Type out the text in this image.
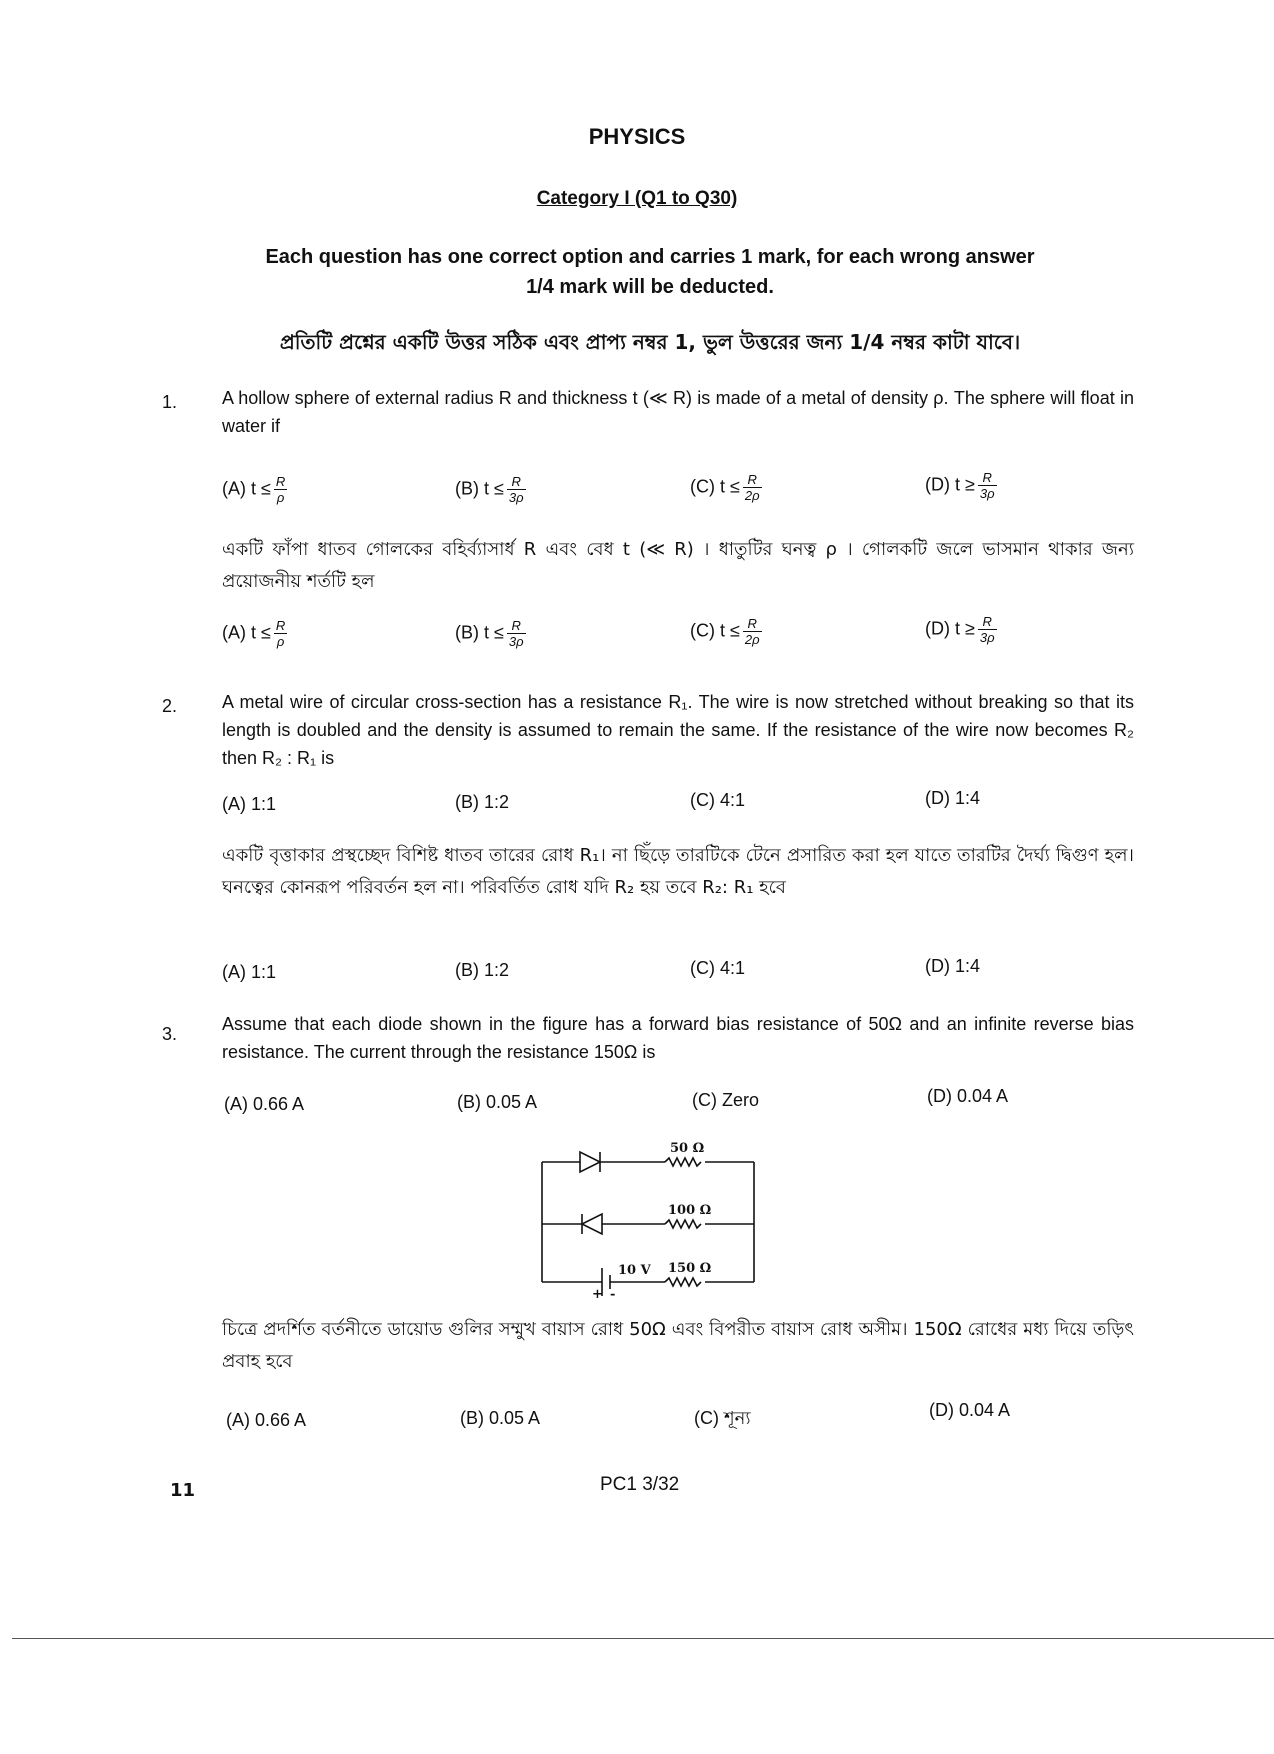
PHYSICS
Category I (Q1 to Q30)
Each question has one correct option and carries 1 mark, for each wrong answer
1/4 mark will be deducted.
প্রতিটি প্রশ্নের একটি উত্তর সঠিক এবং প্রাপ্য নম্বর 1, ভুল উত্তরের জন্য 1/4 নম্বর কাটা যাবে।
1. A hollow sphere of external radius R and thickness t (≪ R) is made of a metal of density ρ. The sphere will float in water if
(A) $t \le \frac{R}{\rho}$	(B) $t \le \frac{R}{3\rho}$	(C) $t \le \frac{R}{2\rho}$	(D) $t \ge \frac{R}{3\rho}$
একটি ফাঁপা ধাতব গোলকের বহির্ব্যাসার্ধ R এবং বেধ t (≪ R) । ধাতুটির ঘনত্ব ρ । গোলকটি জলে ভাসমান থাকার জন্য প্রয়োজনীয় শর্তটি হল
(A) $t \le \frac{R}{\rho}$	(B) $t \le \frac{R}{3\rho}$	(C) $t \le \frac{R}{2\rho}$	(D) $t \ge \frac{R}{3\rho}$
2. A metal wire of circular cross-section has a resistance R₁. The wire is now stretched without breaking so that its length is doubled and the density is assumed to remain the same. If the resistance of the wire now becomes R₂ then R₂ : R₁ is
(A) 1:1	(B) 1:2	(C) 4:1	(D) 1:4
একটি বৃত্তাকার প্রস্থচ্ছেদ বিশিষ্ট ধাতব তারের রোধ R₁। না ছিঁড়ে তারটিকে টেনে প্রসারিত করা হল যাতে তারটির দৈর্ঘ্য দ্বিগুণ হল। ঘনত্বের কোনরূপ পরিবর্তন হল না। পরিবর্তিত রোধ যদি R₂ হয় তবে R₂: R₁ হবে
(A) 1:1	(B) 1:2	(C) 4:1	(D) 1:4
3. Assume that each diode shown in the figure has a forward bias resistance of 50Ω and an infinite reverse bias resistance. The current through the resistance 150Ω is
(A) 0.66 A	(B) 0.05 A	(C) Zero	(D) 0.04 A
50 Ω
100 Ω
150 Ω
10 V
+ -
চিত্রে প্রদর্শিত বর্তনীতে ডায়োড গুলির সম্মুখ বায়াস রোধ 50Ω এবং বিপরীত বায়াস রোধ অসীম। 150Ω রোধের মধ্য দিয়ে তড়িৎ প্রবাহ হবে
(A) 0.66 A	(B) 0.05 A	(C) শূন্য	(D) 0.04 A
11	PC1 3/32
